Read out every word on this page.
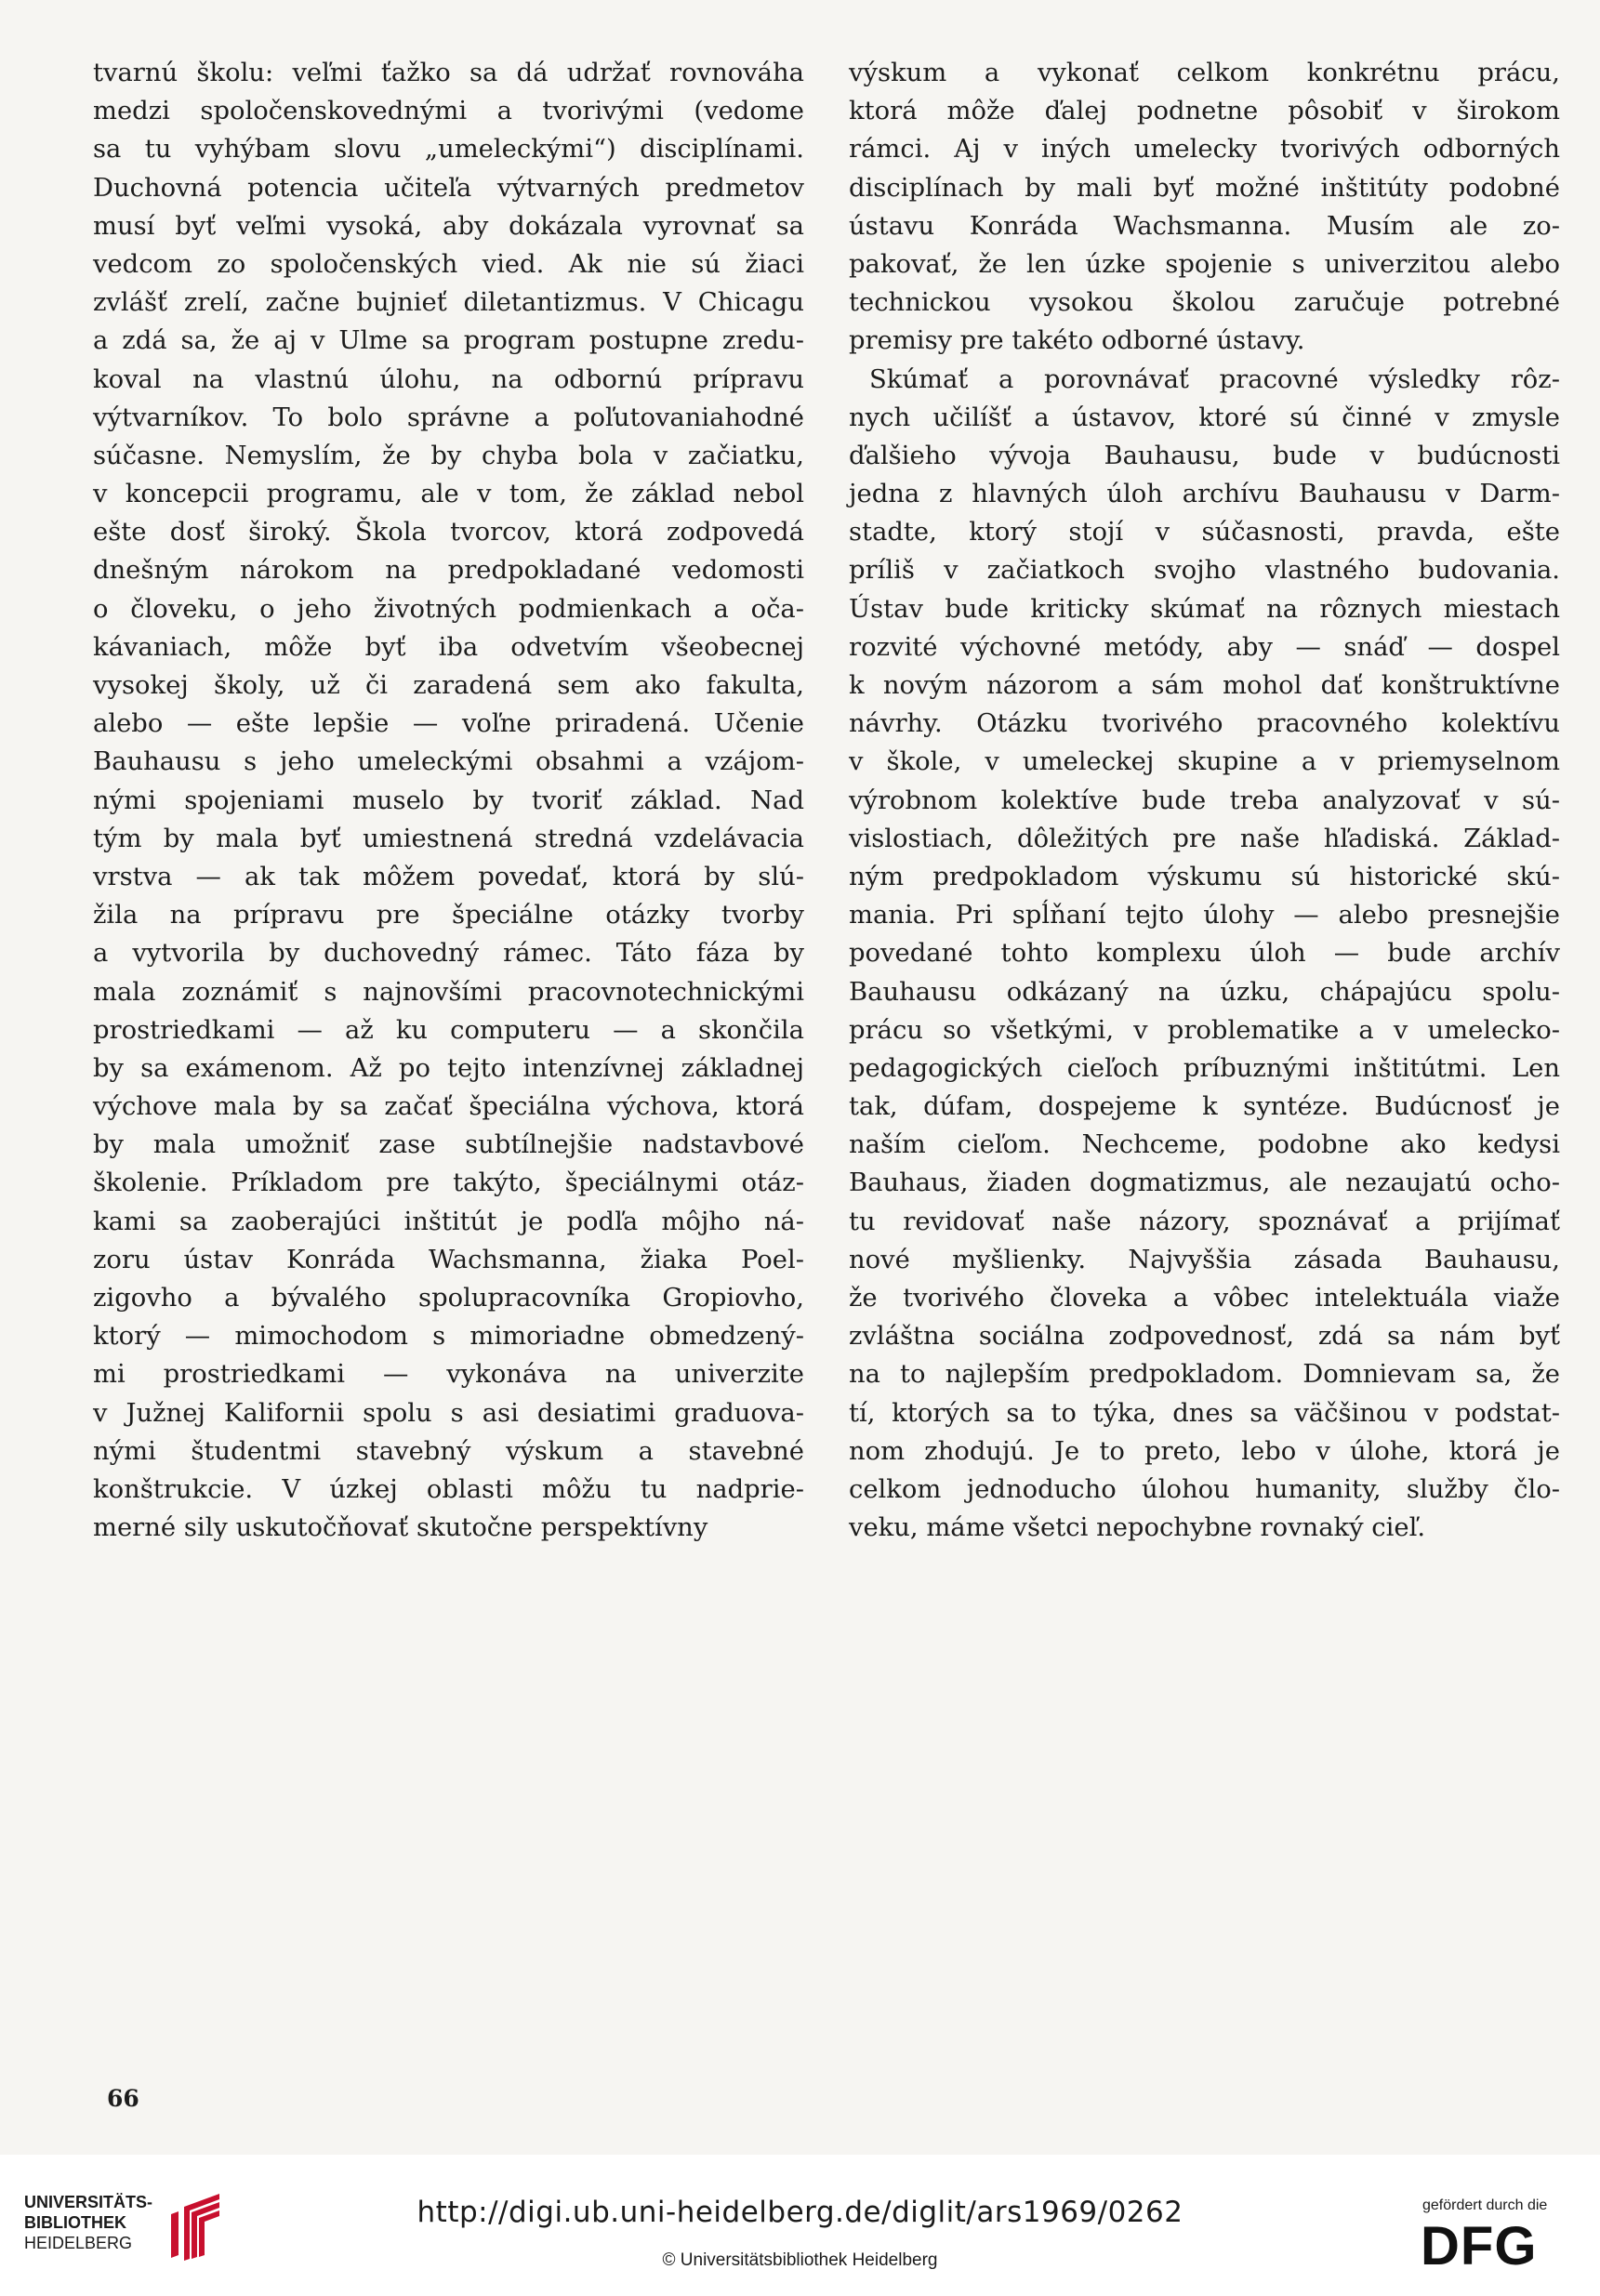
tvarnú školu: veľmi ťažko sa dá udržať rovnováha
medzi spoločenskovednými a tvorivými (vedome
sa tu vyhýbam slovu „umeleckými“) disciplínami.
Duchovná potencia učiteľa výtvarných predmetov
musí byť veľmi vysoká, aby dokázala vyrovnať sa
vedcom zo spoločenských vied. Ak nie sú žiaci
zvlášť zrelí, začne bujnieť diletantizmus. V Chicagu
a zdá sa, že aj v Ulme sa program postupne zredu-
koval na vlastnú úlohu, na odbornú prípravu
výtvarníkov. To bolo správne a poľutovaniahodné
súčasne. Nemyslím, že by chyba bola v začiatku,
v koncepcii programu, ale v tom, že základ nebol
ešte dosť široký. Škola tvorcov, ktorá zodpovedá
dnešným nárokom na predpokladané vedomosti
o človeku, o jeho životných podmienkach a oča-
kávaniach, môže byť iba odvetvím všeobecnej
vysokej školy, už či zaradená sem ako fakulta,
alebo — ešte lepšie — voľne priradená. Učenie
Bauhausu s jeho umeleckými obsahmi a vzájom-
nými spojeniami muselo by tvoriť základ. Nad
tým by mala byť umiestnená stredná vzdelávacia
vrstva — ak tak môžem povedať, ktorá by slú-
žila na prípravu pre špeciálne otázky tvorby
a vytvorila by duchovedný rámec. Táto fáza by
mala zoznámiť s najnovšími pracovnotechnickými
prostriedkami — až ku computeru — a skončila
by sa exámenom. Až po tejto intenzívnej základnej
výchove mala by sa začať špeciálna výchova, ktorá
by mala umožniť zase subtílnejšie nadstavbové
školenie. Príkladom pre takýto, špeciálnymi otáz-
kami sa zaoberajúci inštitút je podľa môjho ná-
zoru ústav Konráda Wachsmanna, žiaka Poel-
zigovho a bývalého spolupracovníka Gropiovho,
ktorý — mimochodom s mimoriadne obmedzený-
mi prostriedkami — vykonáva na univerzite
v Južnej Kalifornii spolu s asi desiatimi graduova-
nými študentmi stavebný výskum a stavebné
konštrukcie. V úzkej oblasti môžu tu nadprie-
merné sily uskutočňovať skutočne perspektívny
výskum a vykonať celkom konkrétnu prácu,
ktorá môže ďalej podnetne pôsobiť v širokom
rámci. Aj v iných umelecky tvorivých odborných
disciplínach by mali byť možné inštitúty podobné
ústavu Konráda Wachsmanna. Musím ale zo-
pakovať, že len úzke spojenie s univerzitou alebo
technickou vysokou školou zaručuje potrebné
premisy pre takéto odborné ústavy.
Skúmať a porovnávať pracovné výsledky rôz-
nych učilíšť a ústavov, ktoré sú činné v zmysle
ďalšieho vývoja Bauhausu, bude v budúcnosti
jedna z hlavných úloh archívu Bauhausu v Darm-
stadte, ktorý stojí v súčasnosti, pravda, ešte
príliš v začiatkoch svojho vlastného budovania.
Ústav bude kriticky skúmať na rôznych miestach
rozvité výchovné metódy, aby — snáď — dospel
k novým názorom a sám mohol dať konštruktívne
návrhy. Otázku tvorivého pracovného kolektívu
v škole, v umeleckej skupine a v priemyselnom
výrobnom kolektíve bude treba analyzovať v sú-
vislostiach, dôležitých pre naše hľadiská. Základ-
ným predpokladom výskumu sú historické skú-
mania. Pri spĺňaní tejto úlohy — alebo presnejšie
povedané tohto komplexu úloh — bude archív
Bauhausu odkázaný na úzku, chápajúcu spolu-
prácu so všetkými, v problematike a v umelecko-
pedagogických cieľoch príbuznými inštitútmi. Len
tak, dúfam, dospejeme k syntéze. Budúcnosť je
naším cieľom. Nechceme, podobne ako kedysi
Bauhaus, žiaden dogmatizmus, ale nezaujatú ocho-
tu revidovať naše názory, spoznávať a prijímať
nové myšlienky. Najvyššia zásada Bauhausu,
že tvorivého človeka a vôbec intelektuála viaže
zvláštna sociálna zodpovednosť, zdá sa nám byť
na to najlepším predpokladom. Domnievam sa, že
tí, ktorých sa to týka, dnes sa väčšinou v podstat-
nom zhodujú. Je to preto, lebo v úlohe, ktorá je
celkom jednoducho úlohou humanity, služby člo-
veku, máme všetci nepochybne rovnaký cieľ.
66
UNIVERSITÄTS-
BIBLIOTHEK
HEIDELBERG
http://digi.ub.uni-heidelberg.de/diglit/ars1969/0262
© Universitätsbibliothek Heidelberg
gefördert durch die
DFG
